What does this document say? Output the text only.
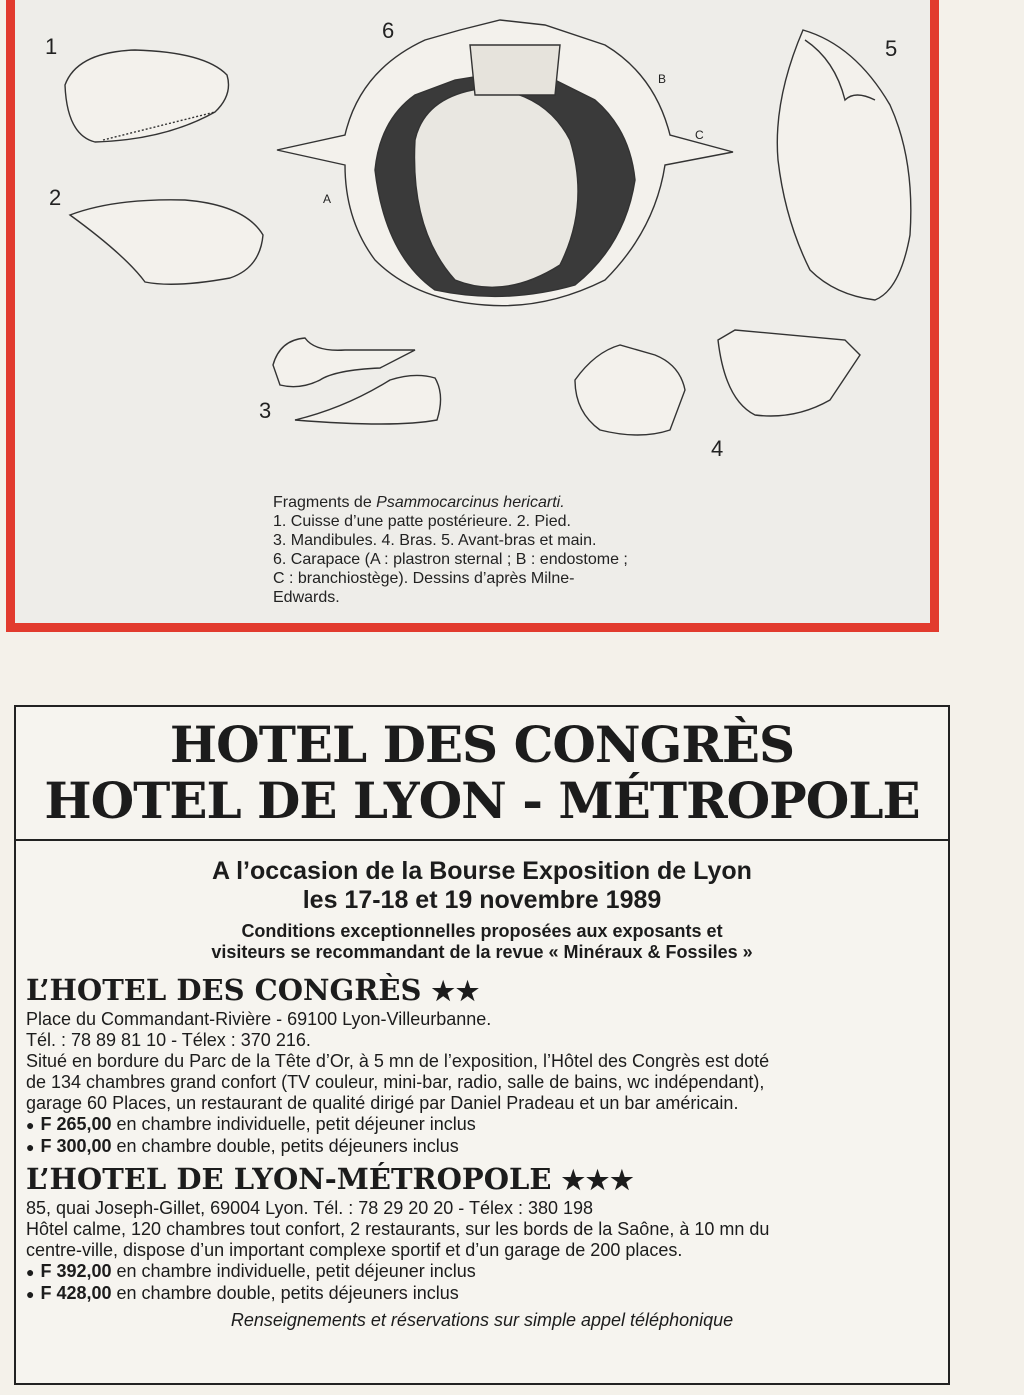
1
2
3
4
5
6
A
B
C
Fragments de Psammocarcinus hericarti.
1. Cuisse d’une patte postérieure. 2. Pied.
3. Mandibules. 4. Bras. 5. Avant-bras et main.
6. Carapace (A : plastron sternal ; B : endostome ;
C : branchiostège). Dessins d’après Milne-
Edwards.
HOTEL DES CONGRÈS
HOTEL DE LYON - MÉTROPOLE
A l’occasion de la Bourse Exposition de Lyon
les 17-18 et 19 novembre 1989
Conditions exceptionnelles proposées aux exposants et
visiteurs se recommandant de la revue « Minéraux & Fossiles »
L’HOTEL DES CONGRÈS ★★
Place du Commandant-Rivière - 69100 Lyon-Villeurbanne.
Tél. : 78 89 81 10 - Télex : 370 216.
Situé en bordure du Parc de la Tête d’Or, à 5 mn de l’exposition, l’Hôtel des Congrès est doté
de 134 chambres grand confort (TV couleur, mini-bar, radio, salle de bains, wc indépendant),
garage 60 Places, un restaurant de qualité dirigé par Daniel Pradeau et un bar américain.
● F 265,00 en chambre individuelle, petit déjeuner inclus
● F 300,00 en chambre double, petits déjeuners inclus
L’HOTEL DE LYON-MÉTROPOLE ★★★
85, quai Joseph-Gillet, 69004 Lyon. Tél. : 78 29 20 20 - Télex : 380 198
Hôtel calme, 120 chambres tout confort, 2 restaurants, sur les bords de la Saône, à 10 mn du
centre-ville, dispose d’un important complexe sportif et d’un garage de 200 places.
● F 392,00 en chambre individuelle, petit déjeuner inclus
● F 428,00 en chambre double, petits déjeuners inclus
Renseignements et réservations sur simple appel téléphonique
